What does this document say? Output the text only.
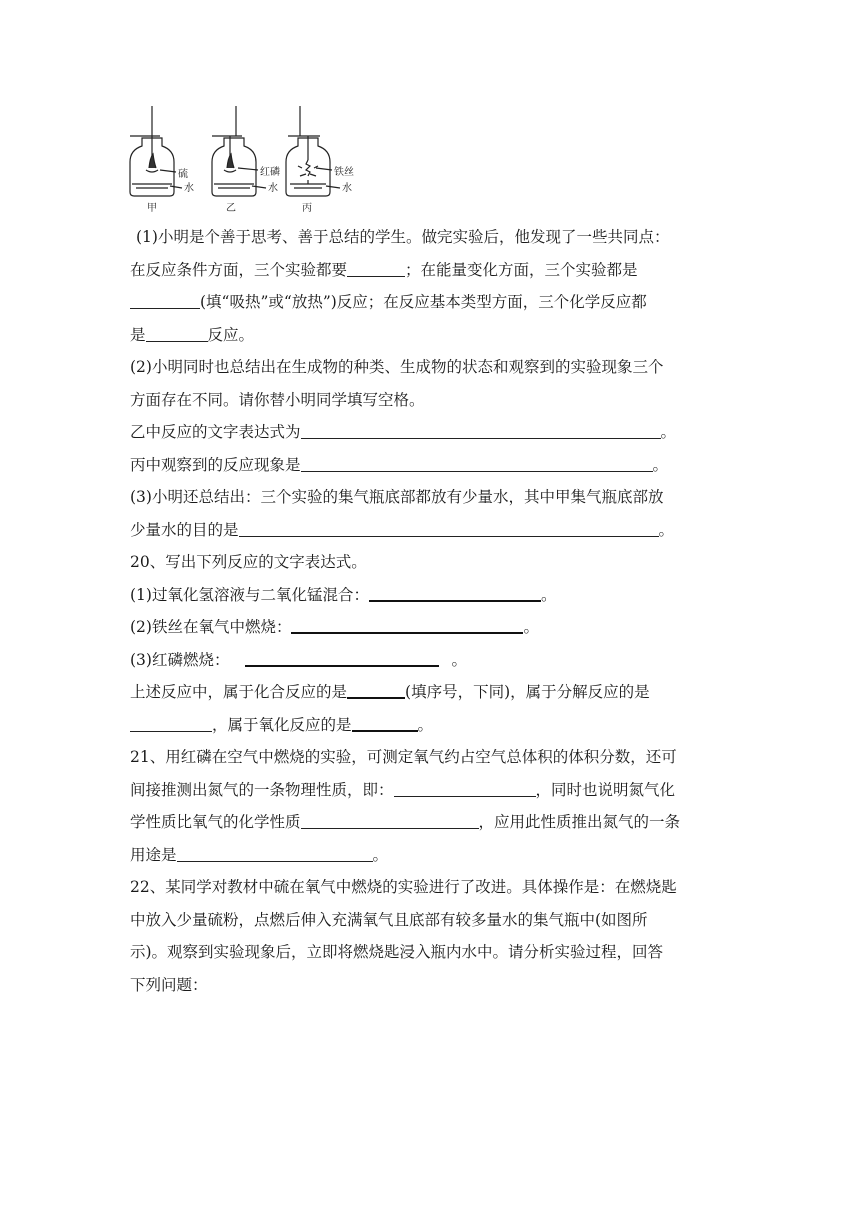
硫
水
红磷
水
铁丝
水
甲	乙	丙
(1)小明是个善于思考、善于总结的学生。做完实验后，他发现了一些共同点：
在反应条件方面，三个实验都要	；在能量变化方面，三个实验都是
(填“吸热”或“放热”)反应；在反应基本类型方面，三个化学反应都
是	反应。
(2)小明同时也总结出在生成物的种类、生成物的状态和观察到的实验现象三个
方面存在不同。请你替小明同学填写空格。
乙中反应的文字表达式为	。
丙中观察到的反应现象是	。
(3)小明还总结出：三个实验的集气瓶底部都放有少量水，其中甲集气瓶底部放
少量水的目的是	。
20、写出下列反应的文字表达式。
(1)过氧化氢溶液与二氧化锰混合：	。
(2)铁丝在氧气中燃烧：	。
(3)红磷燃烧：	。
上述反应中，属于化合反应的是	(填序号，下同)，属于分解反应的是
，属于氧化反应的是	。
21、用红磷在空气中燃烧的实验，可测定氧气约占空气总体积的体积分数，还可
间接推测出氮气的一条物理性质，即：	，同时也说明氮气化
学性质比氧气的化学性质	，应用此性质推出氮气的一条
用途是	。
22、某同学对教材中硫在氧气中燃烧的实验进行了改进。具体操作是：在燃烧匙
中放入少量硫粉，点燃后伸入充满氧气且底部有较多量水的集气瓶中(如图所
示)。观察到实验现象后，立即将燃烧匙浸入瓶内水中。请分析实验过程，回答
下列问题：
